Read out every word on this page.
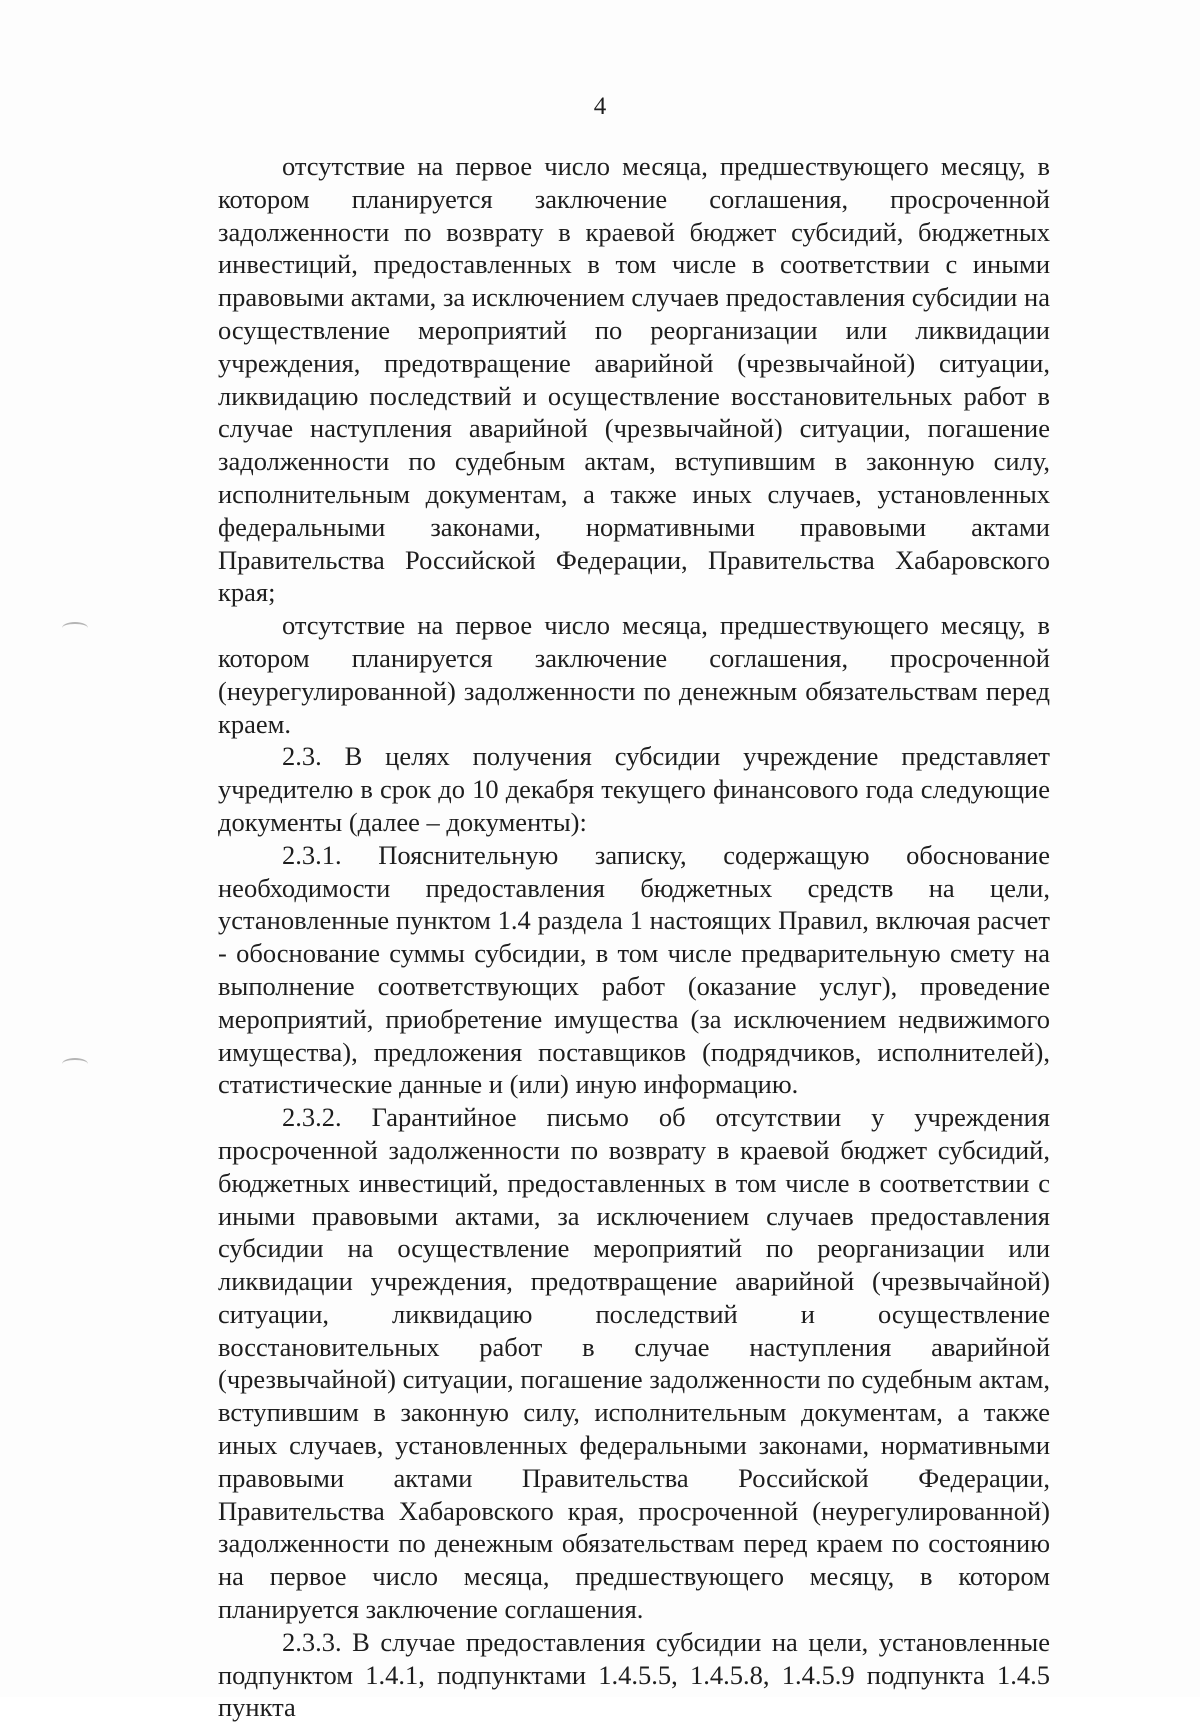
4

отсутствие на первое число месяца, предшествующего месяцу, в котором планируется заключение соглашения, просроченной задолженности по возврату в краевой бюджет субсидий, бюджетных инвестиций, предоставленных в том числе в соответствии с иными правовыми актами, за исключением случаев предоставления субсидии на осуществление мероприятий по реорганизации или ликвидации учреждения, предотвращение аварийной (чрезвычайной) ситуации, ликвидацию последствий и осуществление восстановительных работ в случае наступления аварийной (чрезвычайной) ситуации, погашение задолженности по судебным актам, вступившим в законную силу, исполнительным документам, а также иных случаев, установленных федеральными законами, нормативными правовыми актами Правительства Российской Федерации, Правительства Хабаровского края;

отсутствие на первое число месяца, предшествующего месяцу, в котором планируется заключение соглашения, просроченной (неурегулированной) задолженности по денежным обязательствам перед краем.

2.3. В целях получения субсидии учреждение представляет учредителю в срок до 10 декабря текущего финансового года следующие документы (далее – документы):

2.3.1. Пояснительную записку, содержащую обоснование необходимости предоставления бюджетных средств на цели, установленные пунктом 1.4 раздела 1 настоящих Правил, включая расчет - обоснование суммы субсидии, в том числе предварительную смету на выполнение соответствующих работ (оказание услуг), проведение мероприятий, приобретение имущества (за исключением недвижимого имущества), предложения поставщиков (подрядчиков, исполнителей), статистические данные и (или) иную информацию.

2.3.2. Гарантийное письмо об отсутствии у учреждения просроченной задолженности по возврату в краевой бюджет субсидий, бюджетных инвестиций, предоставленных в том числе в соответствии с иными правовыми актами, за исключением случаев предоставления субсидии на осуществление мероприятий по реорганизации или ликвидации учреждения, предотвращение аварийной (чрезвычайной) ситуации, ликвидацию последствий и осуществление восстановительных работ в случае наступления аварийной (чрезвычайной) ситуации, погашение задолженности по судебным актам, вступившим в законную силу, исполнительным документам, а также иных случаев, установленных федеральными законами, нормативными правовыми актами Правительства Российской Федерации, Правительства Хабаровского края, просроченной (неурегулированной) задолженности по денежным обязательствам перед краем по состоянию на первое число месяца, предшествующего месяцу, в котором планируется заключение соглашения.

2.3.3. В случае предоставления субсидии на цели, установленные подпунктом 1.4.1, подпунктами 1.4.5.5, 1.4.5.8, 1.4.5.9 подпункта 1.4.5 пункта
